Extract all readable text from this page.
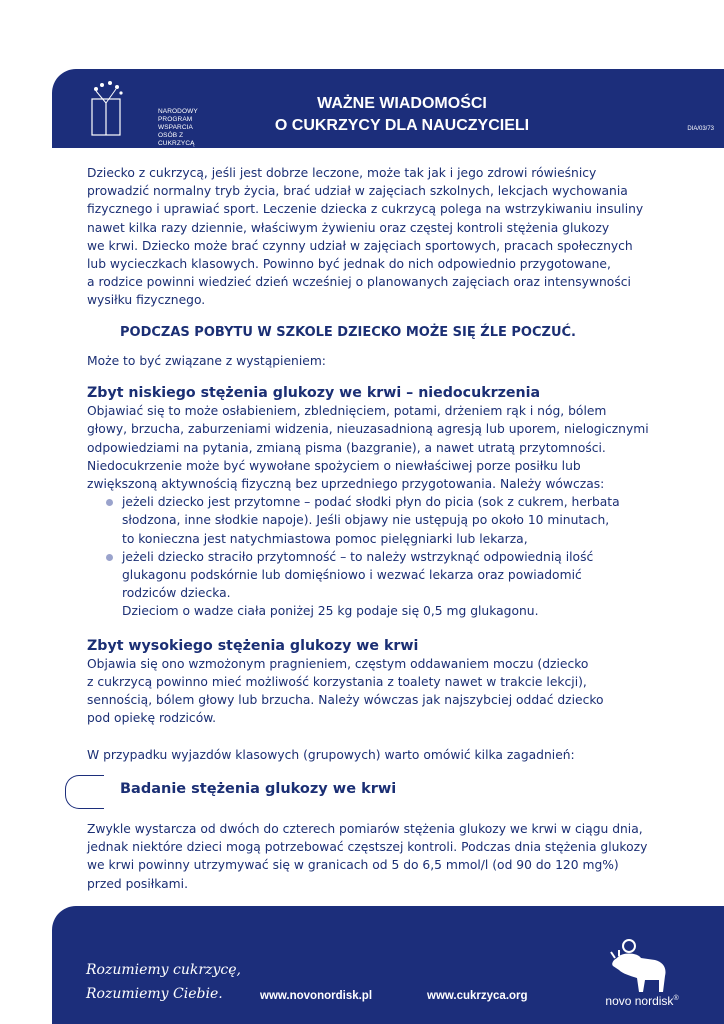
NARODOWY
PROGRAM
WSPARCIA
OSÓB Z CUKRZYCĄ
WAŻNE WIADOMOŚCI
O CUKRZYCY DLA NAUCZYCIELI	DIA/03/73

Dziecko z cukrzycą, jeśli jest dobrze leczone, może tak jak i jego zdrowi rówieśnicy
prowadzić normalny tryb życia, brać udział w zajęciach szkolnych, lekcjach wychowania
fizycznego i uprawiać sport. Leczenie dziecka z cukrzycą polega na wstrzykiwaniu insuliny
nawet kilka razy dziennie, właściwym żywieniu oraz częstej kontroli stężenia glukozy
we krwi. Dziecko może brać czynny udział w zajęciach sportowych, pracach społecznych
lub wycieczkach klasowych. Powinno być jednak do nich odpowiednio przygotowane,
a rodzice powinni wiedzieć dzień wcześniej o planowanych zajęciach oraz intensywności
wysiłku fizycznego.

PODCZAS POBYTU W SZKOLE DZIECKO MOŻE SIĘ ŹLE POCZUĆ.

Może to być związane z wystąpieniem:

Zbyt niskiego stężenia glukozy we krwi – niedocukrzenia

Objawiać się to może osłabieniem, zblednięciem, potami, drżeniem rąk i nóg, bólem
głowy, brzucha, zaburzeniami widzenia, nieuzasadnioną agresją lub uporem, nielogicznymi
odpowiedziami na pytania, zmianą pisma (bazgranie), a nawet utratą przytomności.
Niedocukrzenie może być wywołane spożyciem o niewłaściwej porze posiłku lub
zwiększoną aktywnością fizyczną bez uprzedniego przygotowania. Należy wówczas:

jeżeli dziecko jest przytomne – podać słodki płyn do picia (sok z cukrem, herbata
słodzona, inne słodkie napoje). Jeśli objawy nie ustępują po około 10 minutach,
to konieczna jest natychmiastowa pomoc pielęgniarki lub lekarza,
jeżeli dziecko straciło przytomność – to należy wstrzyknąć odpowiednią ilość
glukagonu podskórnie lub domięśniowo i wezwać lekarza oraz powiadomić
rodziców dziecka.

Dzieciom o wadze ciała poniżej 25 kg podaje się 0,5 mg glukagonu.

Zbyt wysokiego stężenia glukozy we krwi

Objawia się ono wzmożonym pragnieniem, częstym oddawaniem moczu (dziecko
z cukrzycą powinno mieć możliwość korzystania z toalety nawet w trakcie lekcji),
sennością, bólem głowy lub brzucha. Należy wówczas jak najszybciej oddać dziecko
pod opiekę rodziców.

W przypadku wyjazdów klasowych (grupowych) warto omówić kilka zagadnień:

Badanie stężenia glukozy we krwi

Zwykle wystarcza od dwóch do czterech pomiarów stężenia glukozy we krwi w ciągu dnia,
jednak niektóre dzieci mogą potrzebować częstszej kontroli. Podczas dnia stężenia glukozy
we krwi powinny utrzymywać się w granicach od 5 do 6,5 mmol/l (od 90 do 120 mg%)
przed posiłkami.

Rozumiemy cukrzycę,
Rozumiemy Ciebie.	www.novonordisk.pl	www.cukrzyca.org	novo nordisk®
